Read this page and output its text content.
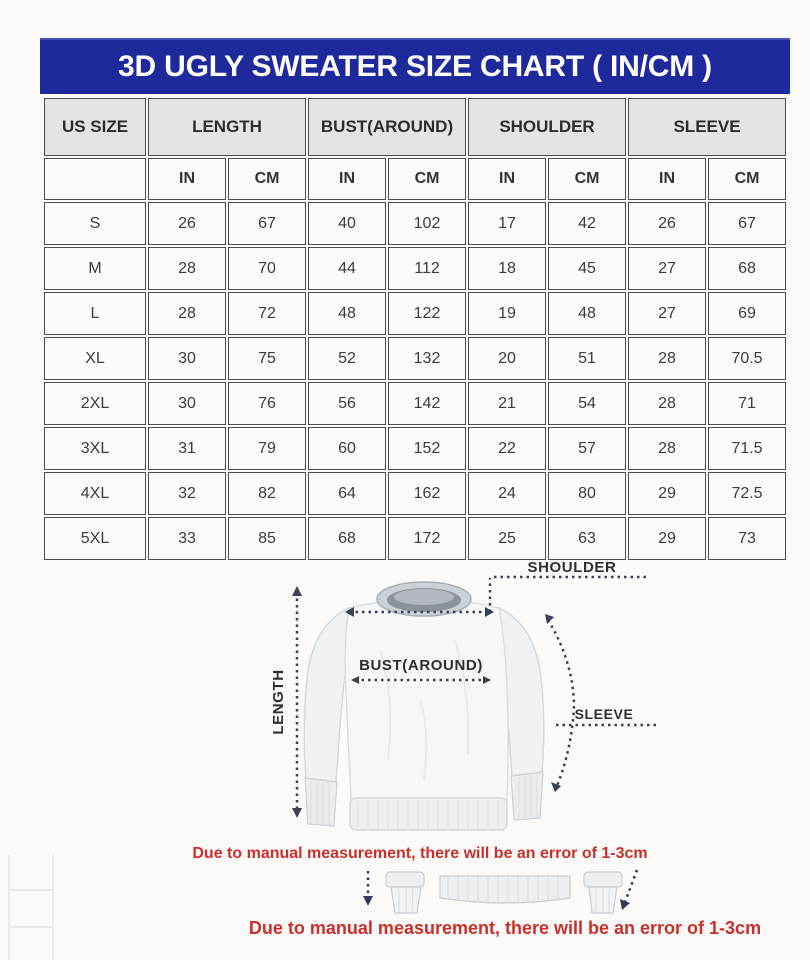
3D UGLY SWEATER SIZE CHART ( IN/CM )
US SIZE	LENGTH		BUST(AROUND)		SHOULDER		SLEEVE	
	IN	CM	IN	CM	IN	CM	IN	CM
S	26	67	40	102	17	42	26	67
M	28	70	44	112	18	45	27	68
L	28	72	48	122	19	48	27	69
XL	30	75	52	132	20	51	28	70.5
2XL	30	76	56	142	21	54	28	71
3XL	31	79	60	152	22	57	28	71.5
4XL	32	82	64	162	24	80	29	72.5
5XL	33	85	68	172	25	63	29	73
SHOULDER
LENGTH
BUST(AROUND)
SLEEVE
Due to manual measurement, there will be an error of 1-3cm
Due to manual measurement, there will be an error of 1-3cm
